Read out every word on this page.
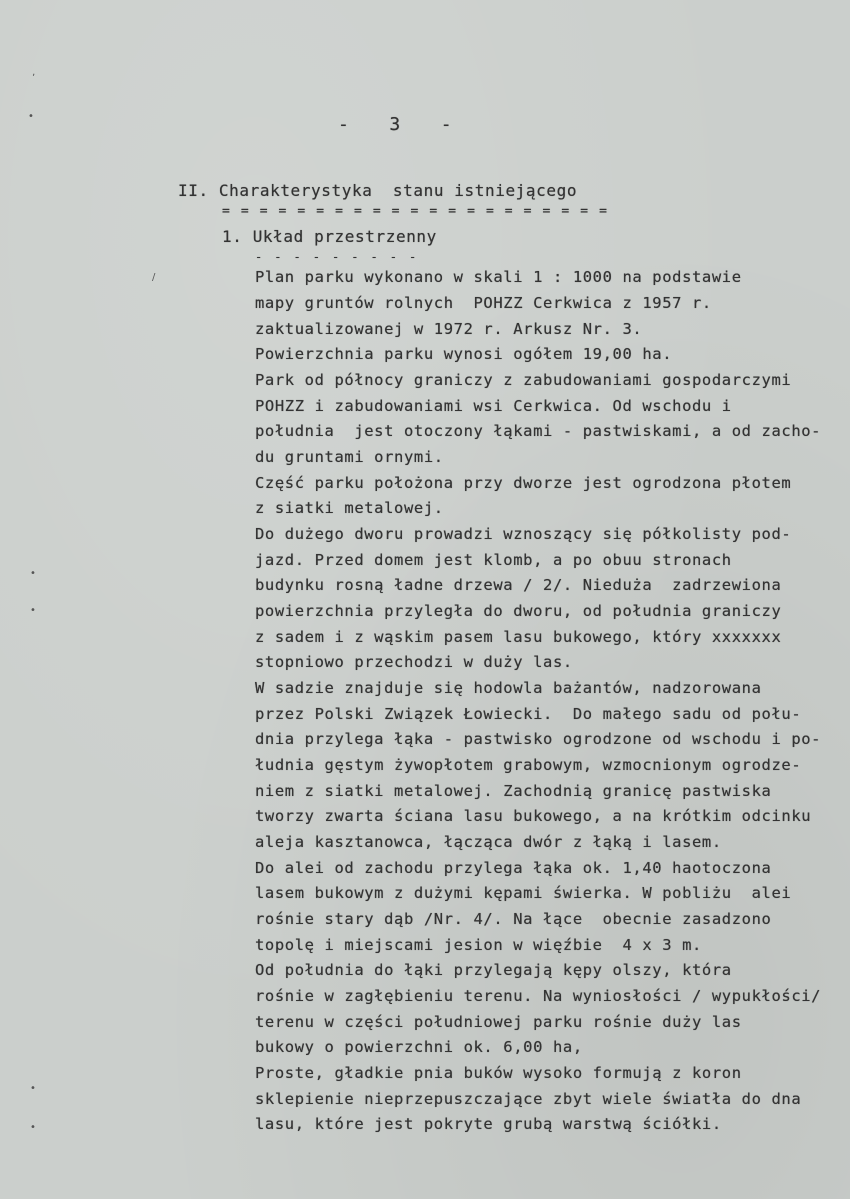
ʼ
•
/
•
•
•
•
-   3   -
II. Charakterystyka  stanu istniejącego
= = = = = = = = = = = = = = = = = = = = =
1. Układ przestrzenny
- - - - - - - - -
Plan parku wykonano w skali 1 : 1000 na podstawie
mapy gruntów rolnych  POHZZ Cerkwica z 1957 r.
zaktualizowanej w 1972 r. Arkusz Nr. 3.
Powierzchnia parku wynosi ogółem 19,00 ha.
Park od północy graniczy z zabudowaniami gospodarczymi
POHZZ i zabudowaniami wsi Cerkwica. Od wschodu i
południa  jest otoczony łąkami - pastwiskami, a od zacho-
du gruntami ornymi.
Część parku położona przy dworze jest ogrodzona płotem
z siatki metalowej.
Do dużego dworu prowadzi wznoszący się półkolisty pod-
jazd. Przed domem jest klomb, a po obuu stronach
budynku rosną ładne drzewa / 2/. Nieduża  zadrzewiona
powierzchnia przyległa do dworu, od południa graniczy
z sadem i z wąskim pasem lasu bukowego, który xxxxxxx
stopniowo przechodzi w duży las.
W sadzie znajduje się hodowla bażantów, nadzorowana
przez Polski Związek Łowiecki.  Do małego sadu od połu-
dnia przylega łąka - pastwisko ogrodzone od wschodu i po-
łudnia gęstym żywopłotem grabowym, wzmocnionym ogrodze-
niem z siatki metalowej. Zachodnią granicę pastwiska
tworzy zwarta ściana lasu bukowego, a na krótkim odcinku
aleja kasztanowca, łącząca dwór z łąką i lasem.
Do alei od zachodu przylega łąka ok. 1,40 haotoczona
lasem bukowym z dużymi kępami świerka. W pobliżu  alei
rośnie stary dąb /Nr. 4/. Na łące  obecnie zasadzono
topolę i miejscami jesion w więźbie  4 x 3 m.
Od południa do łąki przylegają kępy olszy, która
rośnie w zagłębieniu terenu. Na wyniosłości / wypukłości/
terenu w części południowej parku rośnie duży las
bukowy o powierzchni ok. 6,00 ha,
Proste, gładkie pnia buków wysoko formują z koron
sklepienie nieprzepuszczające zbyt wiele światła do dna
lasu, które jest pokryte grubą warstwą ściółki.
